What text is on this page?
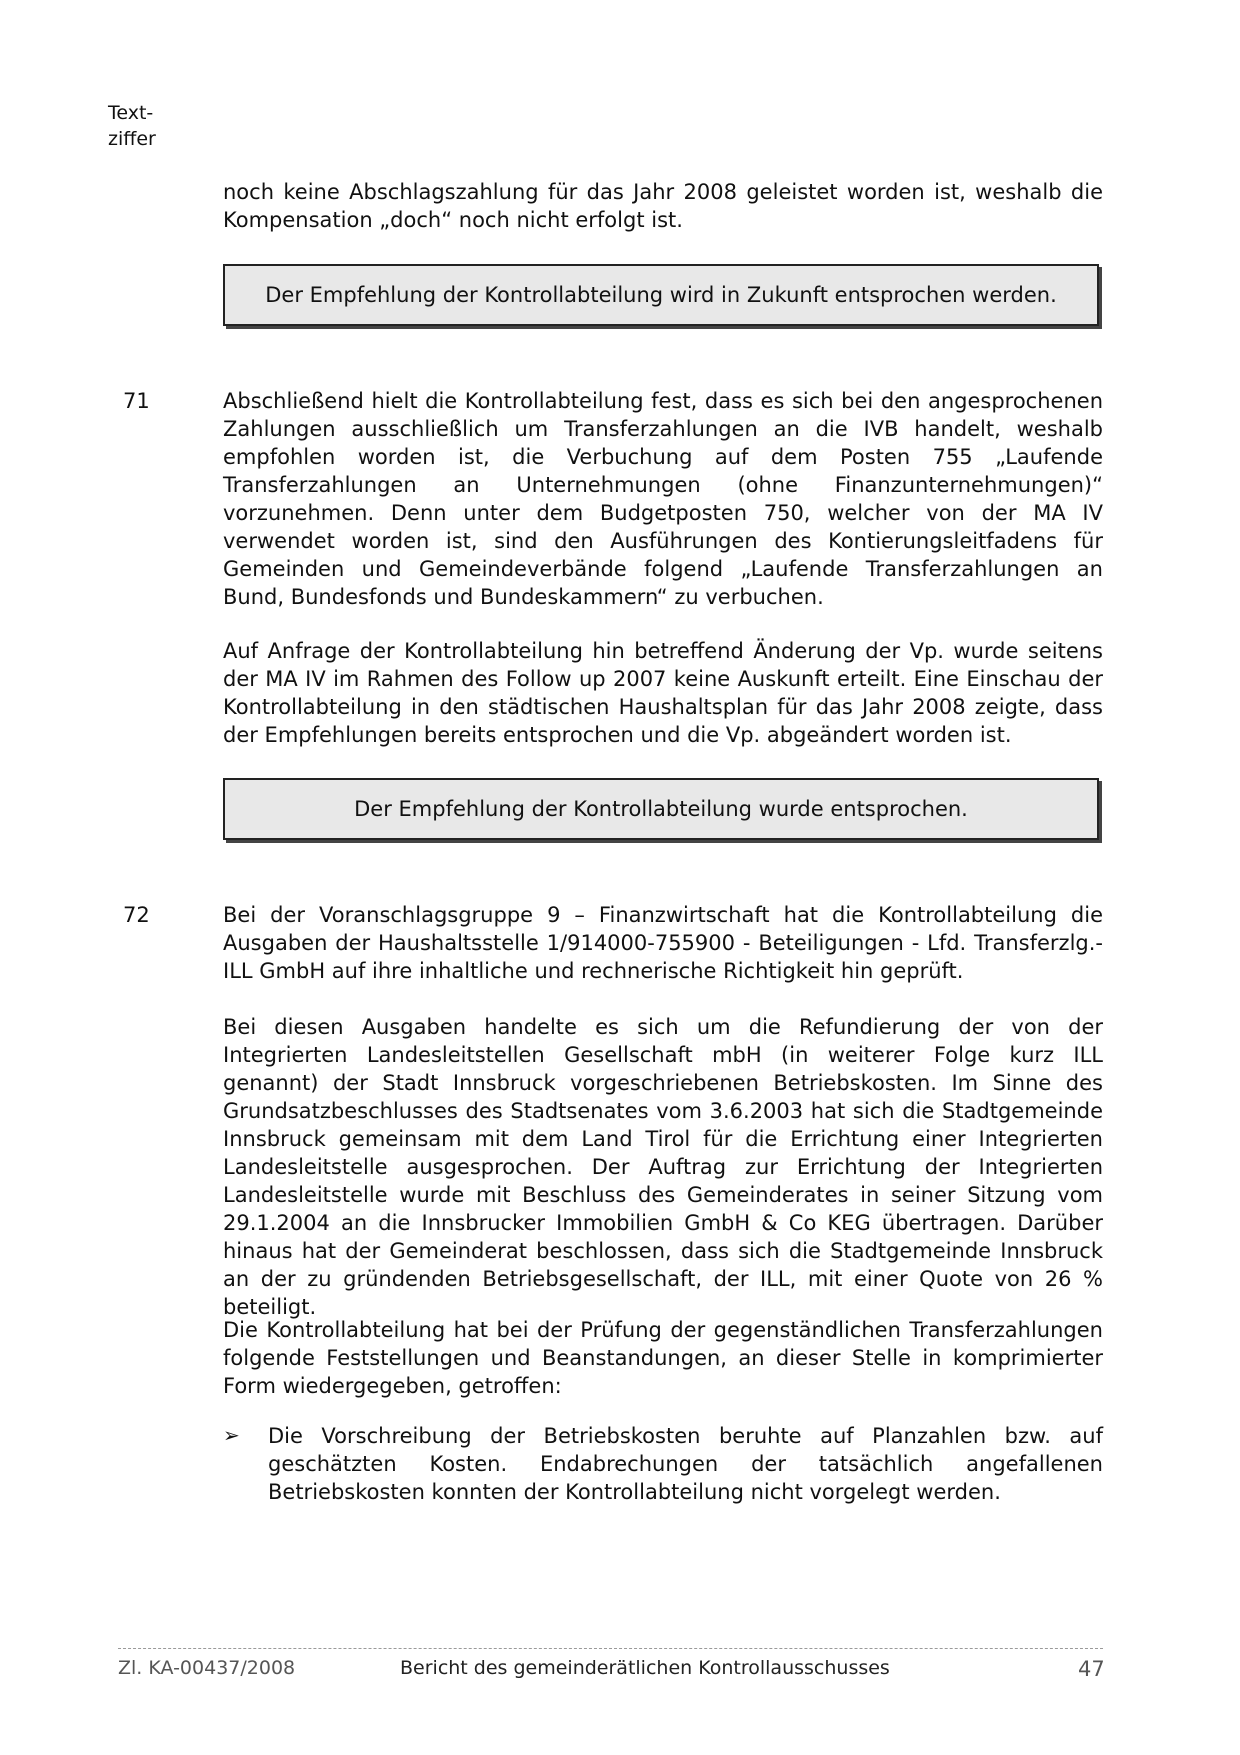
Text-
ziffer
noch keine Abschlagszahlung für das Jahr 2008 geleistet worden ist, weshalb die Kompensation „doch“ noch nicht erfolgt ist.
Der Empfehlung der Kontrollabteilung wird in Zukunft entsprochen werden.
71	Abschließend hielt die Kontrollabteilung fest, dass es sich bei den angesprochenen Zahlungen ausschließlich um Transferzahlungen an die IVB handelt, weshalb empfohlen worden ist, die Verbuchung auf dem Posten 755 „Laufende Transferzahlungen an Unternehmungen (ohne Finanzunternehmungen)“ vorzunehmen. Denn unter dem Budgetposten 750, welcher von der MA IV verwendet worden ist, sind den Ausführungen des Kontierungsleitfadens für Gemeinden und Gemeindeverbände folgend „Laufende Transferzahlungen an Bund, Bundesfonds und Bundeskammern“ zu verbuchen.
Auf Anfrage der Kontrollabteilung hin betreffend Änderung der Vp. wurde seitens der MA IV im Rahmen des Follow up 2007 keine Auskunft erteilt. Eine Einschau der Kontrollabteilung in den städtischen Haushaltsplan für das Jahr 2008 zeigte, dass der Empfehlungen bereits entsprochen und die Vp. abgeändert worden ist.
Der Empfehlung der Kontrollabteilung wurde entsprochen.
72	Bei der Voranschlagsgruppe 9 – Finanzwirtschaft hat die Kontrollabteilung die Ausgaben der Haushaltsstelle 1/914000-755900 - Beteiligungen - Lfd. Transferzlg.-ILL GmbH auf ihre inhaltliche und rechnerische Richtigkeit hin geprüft.
Bei diesen Ausgaben handelte es sich um die Refundierung der von der Integrierten Landesleitstellen Gesellschaft mbH (in weiterer Folge kurz ILL genannt) der Stadt Innsbruck vorgeschriebenen Betriebskosten. Im Sinne des Grundsatzbeschlusses des Stadtsenates vom 3.6.2003 hat sich die Stadtgemeinde Innsbruck gemeinsam mit dem Land Tirol für die Errichtung einer Integrierten Landesleitstelle ausgesprochen. Der Auftrag zur Errichtung der Integrierten Landesleitstelle wurde mit Beschluss des Gemeinderates in seiner Sitzung vom 29.1.2004 an die Innsbrucker Immobilien GmbH & Co KEG übertragen. Darüber hinaus hat der Gemeinderat beschlossen, dass sich die Stadtgemeinde Innsbruck an der zu gründenden Betriebsgesellschaft, der ILL, mit einer Quote von 26 % beteiligt.
Die Kontrollabteilung hat bei der Prüfung der gegenständlichen Transferzahlungen folgende Feststellungen und Beanstandungen, an dieser Stelle in komprimierter Form wiedergegeben, getroffen:
➢ Die Vorschreibung der Betriebskosten beruhte auf Planzahlen bzw. auf geschätzten Kosten. Endabrechungen der tatsächlich angefallenen Betriebskosten konnten der Kontrollabteilung nicht vorgelegt werden.
Zl. KA-00437/2008	Bericht des gemeinderätlichen Kontrollausschusses	47
